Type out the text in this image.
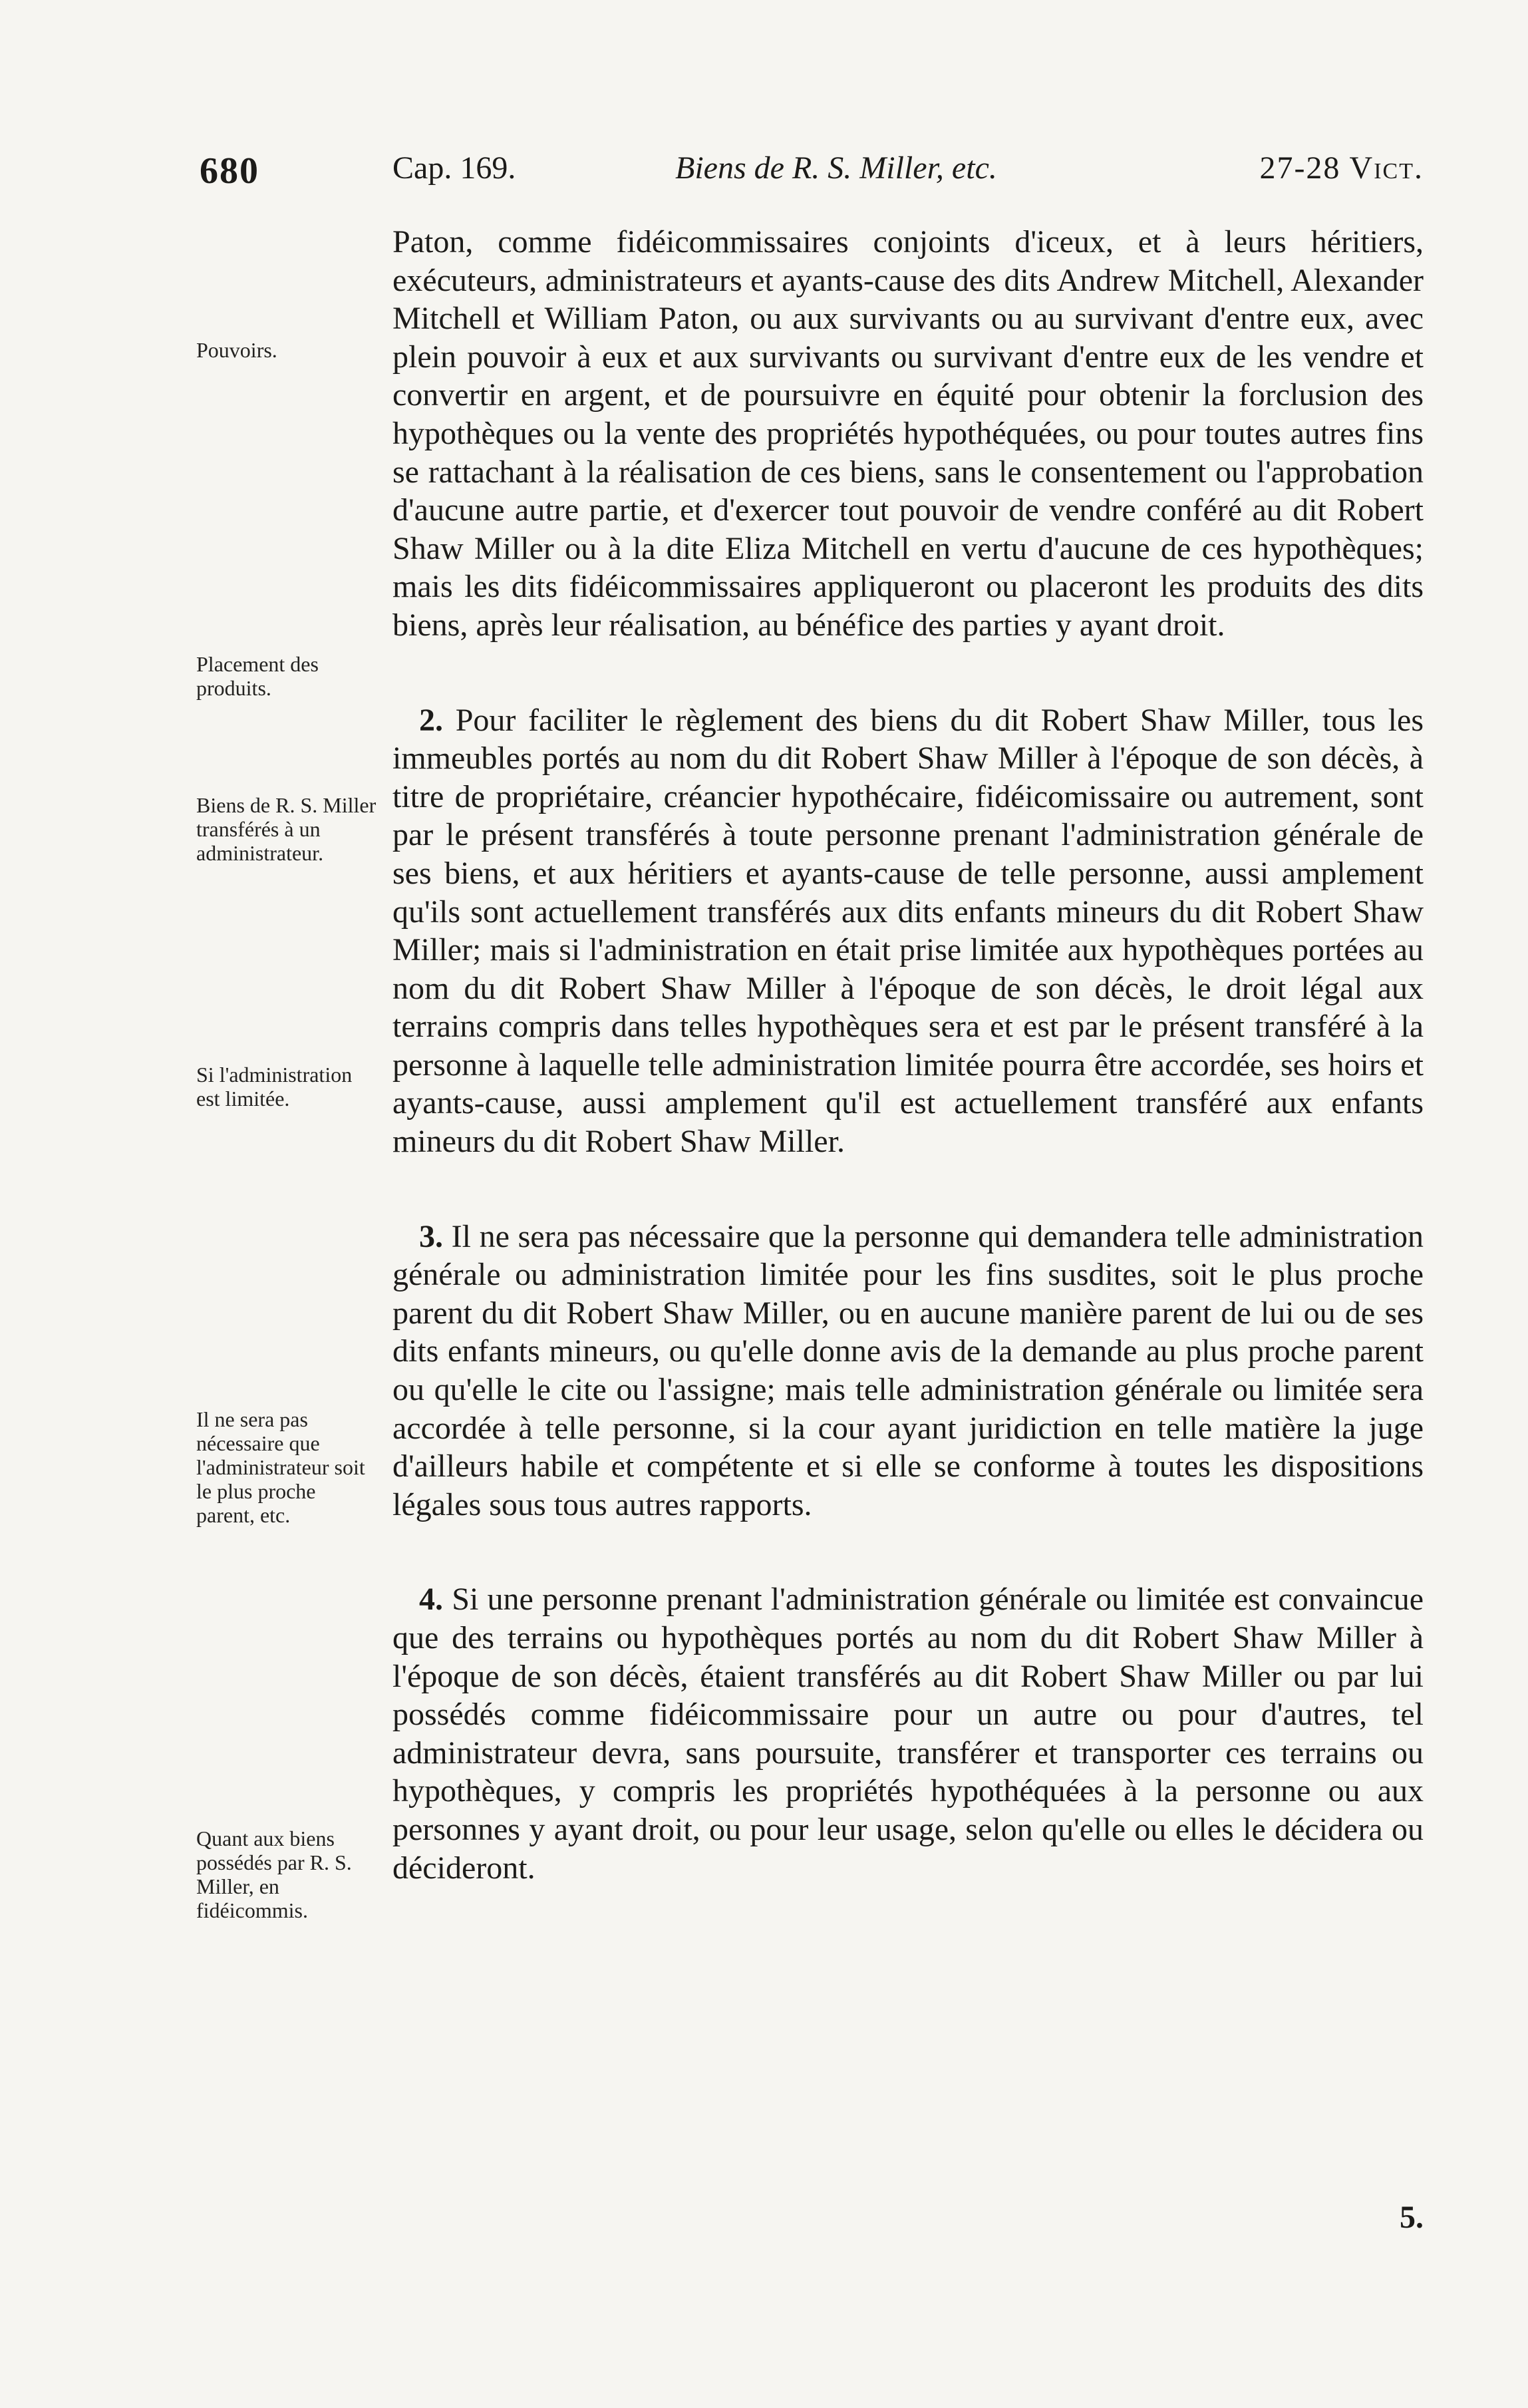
680	Cap. 169.	Biens de R. S. Miller, etc.	27-28 Vict.
Pouvoirs.
Placement des produits.
Biens de R. S. Miller transférés à un administrateur.
Si l'administration est limitée.
Il ne sera pas nécessaire que l'administrateur soit le plus proche parent, etc.
Quant aux biens possédés par R. S. Miller, en fidéicommis.

Paton, comme fidéicommissaires conjoints d'iceux, et à leurs héritiers, exécuteurs, administrateurs et ayants-cause des dits Andrew Mitchell, Alexander Mitchell et William Paton, ou aux survivants ou au survivant d'entre eux, avec plein pouvoir à eux et aux survivants ou survivant d'entre eux de les vendre et convertir en argent, et de poursuivre en équité pour obtenir la forclusion des hypothèques ou la vente des propriétés hypothéquées, ou pour toutes autres fins se rattachant à la réalisation de ces biens, sans le consentement ou l'approbation d'aucune autre partie, et d'exercer tout pouvoir de vendre conféré au dit Robert Shaw Miller ou à la dite Eliza Mitchell en vertu d'aucune de ces hypothèques; mais les dits fidéicommissaires appliqueront ou placeront les produits des dits biens, après leur réalisation, au bénéfice des parties y ayant droit.

2. Pour faciliter le règlement des biens du dit Robert Shaw Miller, tous les immeubles portés au nom du dit Robert Shaw Miller à l'époque de son décès, à titre de propriétaire, créancier hypothécaire, fidéicomissaire ou autrement, sont par le présent transférés à toute personne prenant l'administration générale de ses biens, et aux héritiers et ayants-cause de telle personne, aussi amplement qu'ils sont actuellement transférés aux dits enfants mineurs du dit Robert Shaw Miller; mais si l'administration en était prise limitée aux hypothèques portées au nom du dit Robert Shaw Miller à l'époque de son décès, le droit légal aux terrains compris dans telles hypothèques sera et est par le présent transféré à la personne à laquelle telle administration limitée pourra être accordée, ses hoirs et ayants-cause, aussi amplement qu'il est actuellement transféré aux enfants mineurs du dit Robert Shaw Miller.

3. Il ne sera pas nécessaire que la personne qui demandera telle administration générale ou administration limitée pour les fins susdites, soit le plus proche parent du dit Robert Shaw Miller, ou en aucune manière parent de lui ou de ses dits enfants mineurs, ou qu'elle donne avis de la demande au plus proche parent ou qu'elle le cite ou l'assigne; mais telle administration générale ou limitée sera accordée à telle personne, si la cour ayant juridiction en telle matière la juge d'ailleurs habile et compétente et si elle se conforme à toutes les dispositions légales sous tous autres rapports.

4. Si une personne prenant l'administration générale ou limitée est convaincue que des terrains ou hypothèques portés au nom du dit Robert Shaw Miller à l'époque de son décès, étaient transférés au dit Robert Shaw Miller ou par lui possédés comme fidéicommissaire pour un autre ou pour d'autres, tel administrateur devra, sans poursuite, transférer et transporter ces terrains ou hypothèques, y compris les propriétés hypothéquées à la personne ou aux personnes y ayant droit, ou pour leur usage, selon qu'elle ou elles le décidera ou décideront.

5.
